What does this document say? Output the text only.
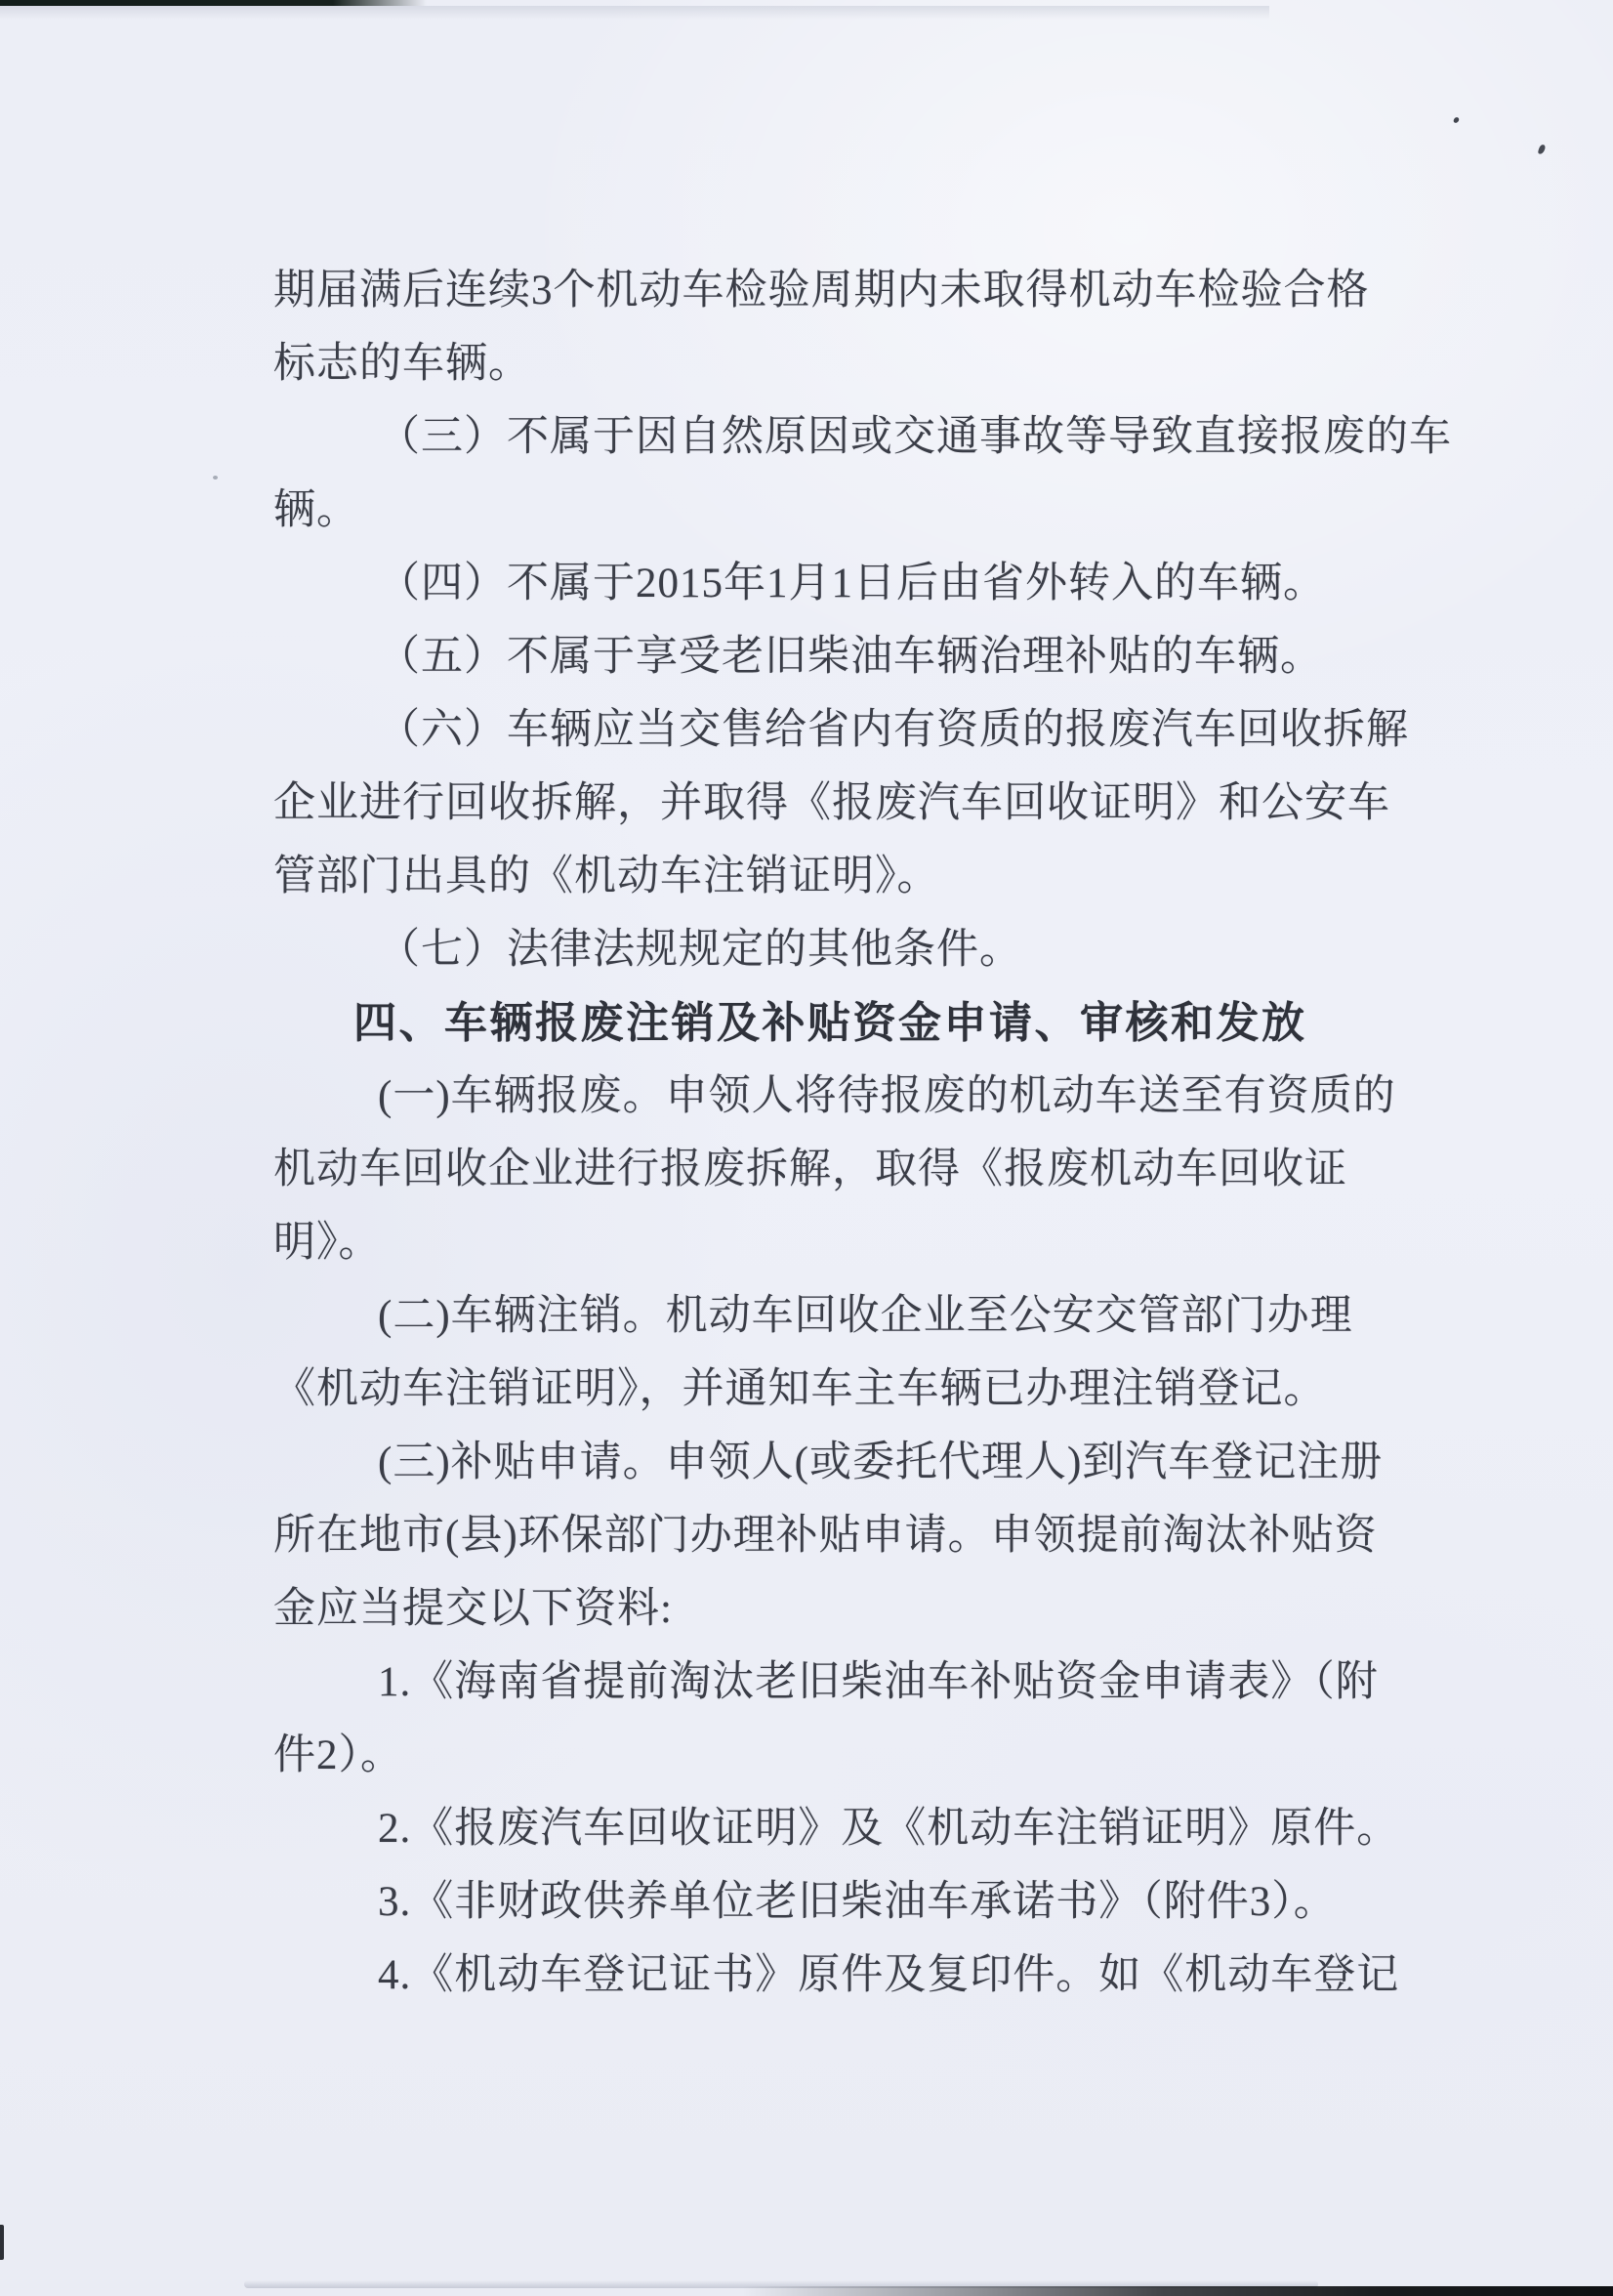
期届满后连续3个机动车检验周期内未取得机动车检验合格
标志的车辆。
（三）不属于因自然原因或交通事故等导致直接报废的车
辆。
（四）不属于2015年1月1日后由省外转入的车辆。
（五）不属于享受老旧柴油车辆治理补贴的车辆。
（六）车辆应当交售给省内有资质的报废汽车回收拆解
企业进行回收拆解，并取得《报废汽车回收证明》和公安车
管部门出具的《机动车注销证明》。
（七）法律法规规定的其他条件。
四、车辆报废注销及补贴资金申请、审核和发放
(一)车辆报废。申领人将待报废的机动车送至有资质的
机动车回收企业进行报废拆解，取得《报废机动车回收证
明》。
(二)车辆注销。机动车回收企业至公安交管部门办理
《机动车注销证明》，并通知车主车辆已办理注销登记。
(三)补贴申请。申领人(或委托代理人)到汽车登记注册
所在地市(县)环保部门办理补贴申请。申领提前淘汰补贴资
金应当提交以下资料:
1.《海南省提前淘汰老旧柴油车补贴资金申请表》（附
件2）。
2.《报废汽车回收证明》及《机动车注销证明》原件。
3.《非财政供养单位老旧柴油车承诺书》（附件3）。
4.《机动车登记证书》原件及复印件。如《机动车登记
